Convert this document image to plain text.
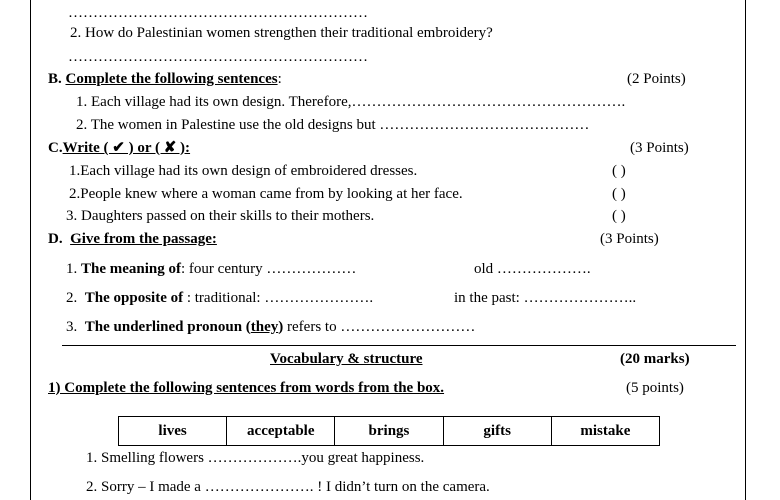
……………………………………………………
2. How do Palestinian women strengthen their traditional embroidery?
……………………………………………………
B. Complete the following sentences:	(2 Points)
1. Each village had its own design. Therefore,……………………………………………….
2. The women in Palestine use the old designs but ……………………………………
C.Write ( ✔ ) or ( ✘ ):	(3 Points)
1.Each village had its own design of embroidered dresses.	( )
2.People knew where a woman came from by looking at her face.	( )
3. Daughters passed on their skills to their mothers.	( )
D. Give from the passage:	(3 Points)
1. The meaning of: four century ………………	old ……………….
2. The opposite of : traditional: ………………….	in the past: …………………..
3. The underlined pronoun (they) refers to ………………………
Vocabulary & structure	(20 marks)
1) Complete the following sentences from words from the box.	(5 points)
lives	acceptable	brings	gifts	mistake
1. Smelling flowers ……………….you great happiness.
2. Sorry – I made a …………………. ! I didn’t turn on the camera.
